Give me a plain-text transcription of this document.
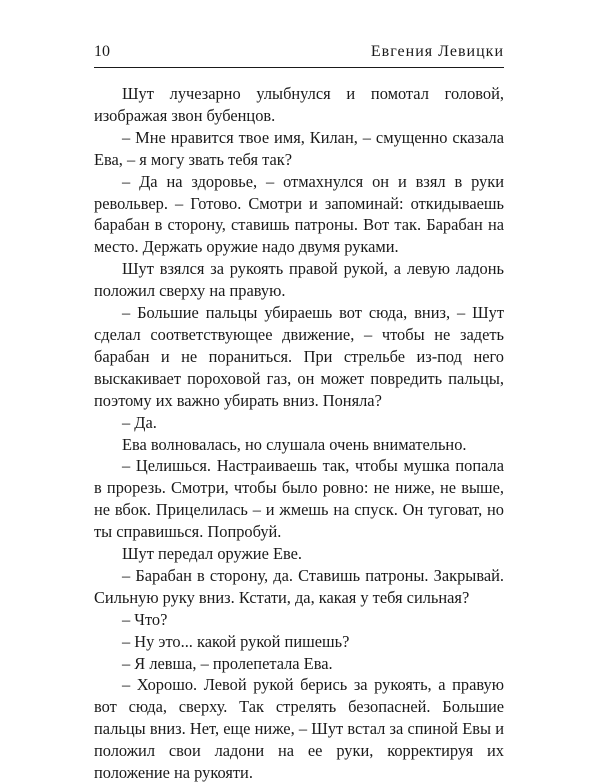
10	Евгения Левицки

Шут лучезарно улыбнулся и помотал головой, изображая звон бубенцов.

– Мне нравится твое имя, Килан, – смущенно сказала Ева, – я могу звать тебя так?

– Да на здоровье, – отмахнулся он и взял в руки револьвер. – Готово. Смотри и запоминай: откидываешь барабан в сторону, ставишь патроны. Вот так. Барабан на место. Держать оружие надо двумя руками.

Шут взялся за рукоять правой рукой, а левую ладонь положил сверху на правую.

– Большие пальцы убираешь вот сюда, вниз, – Шут сделал соответствующее движение, – чтобы не задеть барабан и не пораниться. При стрельбе из-под него выскакивает пороховой газ, он может повредить пальцы, поэтому их важно убирать вниз. Поняла?

– Да.

Ева волновалась, но слушала очень внимательно.

– Целишься. Настраиваешь так, чтобы мушка попала в прорезь. Смотри, чтобы было ровно: не ниже, не выше, не вбок. Прицелилась – и жмешь на спуск. Он туговат, но ты справишься. Попробуй.

Шут передал оружие Еве.

– Барабан в сторону, да. Ставишь патроны. Закрывай. Сильную руку вниз. Кстати, да, какая у тебя сильная?

– Что?

– Ну это... какой рукой пишешь?

– Я левша, – пролепетала Ева.

– Хорошо. Левой рукой берись за рукоять, а правую вот сюда, сверху. Так стрелять безопасней. Большие пальцы вниз. Нет, еще ниже, – Шут встал за спиной Евы и положил свои ладони на ее руки, корректируя их положение на рукояти.
